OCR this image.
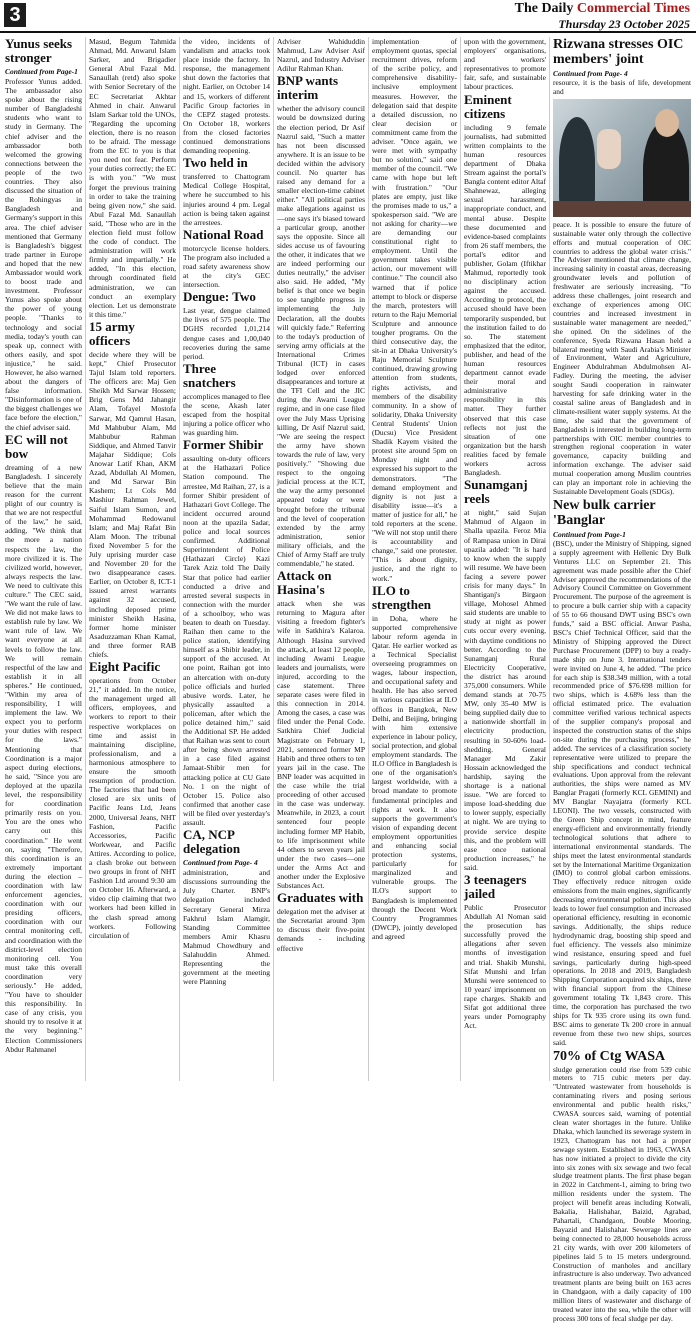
3	The Daily Commercial Times
Thursday 23 October 2025
Yunus seeks stronger
Continued from Page-1
Professor Yunus added. The ambassador also spoke about the rising number of Bangladeshi students who want to study in Germany. The chief adviser and the ambassador both welcomed the growing connections between the people of the two countries. They also discussed the situation of the Rohingyas in Bangladesh and Germany's support in this area. The chief adviser mentioned that Germany is Bangladesh's biggest trade partner in Europe and hoped that the new Ambassador would work to boost trade and investment. Professor Yunus also spoke about the power of young people. "Thanks to technology and social media, today's youth can speak up, connect with others easily, and spot injustice," he said. However, he also warned about the dangers of false information. "Disinformation is one of the biggest challenges we face before the election," the chief adviser said.
EC will not bow
dreaming of a new Bangladesh. I sincerely believe that the main reason for the current plight of our country is that we are not respectful of the law," he said, adding, "We think that the more a nation respects the law, the more civilized it is. The civilized world, however, always respects the law. We need to cultivate this culture." The CEC said, "We want the rule of law. We did not make laws to establish rule by law. We want rule of law. We want everyone at all levels to follow the law. We will remain respectful of the law and establish it in all spheres." He continued, "Within my area of responsibility, I will implement the law. We expect you to perform your duties with respect for the laws." Mentioning that Coordination is a major aspect during elections, he said, "Since you are deployed at the upazila level, the responsibility for coordination primarily rests on you. You are the ones who carry out this coordination." He went on, saying "Therefore, this coordination is an extremely important during the election – coordination with law enforcement agencies, coordination with our presiding officers, coordination with our central monitoring cell, and coordination with the district-level election monitoring cell. You must take this overall coordination very seriously." He added, "You have to shoulder this responsibility. In case of any crisis, you should try to resolve it at the very beginning." Election Commissioners Abdur Rahmanel
Masud, Begum Tahmida Ahmad, Md. Anwarul Islam Sarker, and Brigadier General Abul Fazal Md. Sanaullah (retd) also spoke with Senior Secretary of the EC Secretariat Akhtar Ahmed in chair. Anwarul Islam Sarkar told the UNOs, "Regarding the upcoming election, there is no reason to be afraid. The message from the EC to you is that you need not fear. Perform your duties correctly; the EC is with you." "We must forget the previous training in order to take the training being given now," she said. Abul Fazal Md. Sanaullah said, "Those who are in the election field must follow the code of conduct. The administration will work firmly and impartially." He added, "In this election, through coordinated field administration, we can conduct an exemplary election. Let us demonstrate it this time."
15 army officers
decide where they will be kept," Chief Prosecutor Tajul Islam told reporters. The officers are: Maj Gen Sheikh Md Sarwar Hossen; Brig Gens Md Jahangir Alam, Tofayel Mostofa Sarwar, Md Qamrul Hasan, Md Mahbubur Alam, Md Mahbubur Rahman Siddique, and Ahmed Tanvir Majahar Siddique; Cols Anowar Latif Khan, AKM Azad, Abdullah Al Momen, and Md Sarwar Bin Kashem; Lt Cols Md Mashiur Rahman Jewel, Saiful Islam Sumon, and Mohammad Redowanul Islam; and Maj Rafat Bin Alam Moon. The tribunal fixed November 5 for the July uprising murder case and November 20 for the two disappearance cases. Earlier, on October 8, ICT-1 issued arrest warrants against 32 accused, including deposed prime minister Sheikh Hasina, former home minister Asaduzzaman Khan Kamal, and three former RAB chiefs.
Eight Pacific
operations from October 21," it added. In the notice, the management urged all officers, employees, and workers to report to their respective workplaces on time and assist in maintaining discipline, professionalism, and a harmonious atmosphere to ensure the smooth resumption of production. The factories that had been closed are six units of Pacific Jeans Ltd, Jeans 2000, Universal Jeans, NHT Fashion, Pacific Accessories, Pacific Workwear, and Pacific Attires. According to police, a clash broke out between two groups in front of NHT Fashion Ltd around 9:30 am on October 16. Afterward, a video clip claiming that two workers had been killed in the clash spread among workers. Following circulation of
the video, incidents of vandalism and attacks took place inside the factory. In response, the management shut down the factories that night. Earlier, on October 14 and 15, workers of different Pacific Group factories in the CEPZ staged protests. On October 18, workers from the closed factories continued demonstrations demanding reopening.
Two held in
transferred to Chattogram Medical College Hospital, where he succumbed to his injuries around 4 pm. Legal action is being taken against the arrestees.
National Road
motorcycle license holders. The program also included a road safety awareness show at the city's GEC intersection.
Dengue: Two
Last year, dengue claimed the lives of 575 people. The DGHS recorded 1,01,214 dengue cases and 1,00,040 recoveries during the same period.
Three snatchers
accomplices managed to flee the scene, Akash later escaped from the hospital injuring a police officer who was guarding him.
Former Shibir
assaulting on-duty officers at the Hathazari Police Station compound. The arrestee, Md Raihan, 27, is a former Shibir president of Hathazari Govt College. The incident occurred around noon at the upazila Sadar, police and local sources confirmed. Additional Superintendent of Police (Hathazari Circle) Kazi Tarek Aziz told The Daily Star that police had earlier conducted a drive and arrested several suspects in connection with the murder of a schoolboy, who was beaten to death on Tuesday. Raihan then came to the police station, identifying himself as a Shibir leader, in support of the accused. At one point, Raihan got into an altercation with on-duty police officials and hurled abusive words. Later, he physically assaulted a policeman, after which the police detained him," said the Additional SP. He added that Raihan was sent to court after being shown arrested in a case filed against Jamaat-Shibir men for attacking police at CU Gate No. 1 on the night of October 15. Police also confirmed that another case will be filed over yesterday's assault.
CA, NCP delegation
Continued from Page- 4
administration, and discussions surrounding the July Charter. BNP's delegation included Secretary General Mirza Fakhrul Islam Alamgir, Standing Committee members Amir Khasru Mahmud Chowdhury and Salahuddin Ahmed. Representing the government at the meeting were Planning
Adviser Wahiduddin Mahmud, Law Adviser Asif Nazrul, and Industry Adviser Adilur Rahman Khan.
BNP wants interim
whether the advisory council would be downsized during the election period, Dr Asif Nazrul said, "Such a matter has not been discussed anywhere. It is an issue to be decided within the advisory council. No quarter has raised any demand for a smaller election-time cabinet either." "All political parties make allegations against us—one says it's biased toward a particular group, another says the opposite. Since all sides accuse us of favouring the other, it indicates that we are indeed performing our duties neutrally," the adviser also said. He added, "My belief is that once we begin to see tangible progress in implementing the July Declaration, all the doubts will quickly fade." Referring to the today's production of serving army officials at the International Crimes Tribunal (ICT) in cases lodged over enforced disappearances and torture at the TFI Cell and the JIC during the Awami League regime, and in one case filed over the July Mass Uprising killing, Dr Asif Nazrul said, "We are seeing the respect the army have shown towards the rule of law, very positively." "Showing due respect to the ongoing judicial process at the ICT, the way the army personnel appeared today or were brought before the tribunal and the level of cooperation extended by the army administration, senior military officials, and the Chief of Army Staff are truly commendable," he stated.
Attack on Hasina's
attack when she was returning to Magura after visiting a freedom fighter's wife in Satkhira's Kalaroa. Although Hasina survived the attack, at least 12 people, including Awami League leaders and journalists, were injured, according to the case statement. Three separate cases were filed in this connection in 2014. Among the cases, a case was filed under the Penal Code. Satkhira Chief Judicial Magistrate on February 1, 2021, sentenced former MP Habib and three others to ten years jail in the case. The BNP leader was acquitted in the case while the trial proceeding of other accused in the case was underway. Meanwhile, in 2023, a court sentenced four people including former MP Habib, to life imprisonment while 44 others to seven years jail under the two cases—one under the Arms Act and another under the Explosive Substances Act.
Graduates with
delegation met the adviser at the Secretariat around 3pm to discuss their five-point demands - including effective
implementation of employment quotas, special recruitment drives, reform of the scribe policy, and comprehensive disability-inclusive employment measures. However, the delegation said that despite a detailed discussion, no clear decision or commitment came from the adviser. "Once again, we were met with sympathy but no solution," said one member of the council. "We came with hope but left with frustration." "Our plates are empty, just like the promises made to us," a spokesperson said. "We are not asking for charity—we are demanding our constitutional right to employment. Until the government takes visible action, our movement will continue." The council also warned that if police attempt to block or disperse the march, protesters will return to the Raju Memorial Sculpture and announce tougher programs. On the third consecutive day, the sit-in at Dhaka University's Raju Memorial Sculpture continued, drawing growing attention from students, rights activists, and members of the disability community. In a show of solidarity, Dhaka University Central Students' Union (Ducsu) Vice President Shadik Kayem visited the protest site around 5pm on Monday night and expressed his support to the demonstrators. "The demand employment and dignity is not just a disability issue—it's a matter of justice for all," he told reporters at the scene. "We will not stop until there is accountability and change," said one protester. "This is about dignity, justice, and the right to work."
ILO to strengthen
in Doha, where he supported comprehensive labour reform agenda in Qatar. He earlier worked as a Technical Specialist overseeing programmes on wages, labour inspection, and occupational safety and health. He has also served in various capacities at ILO offices in Bangkok, New Delhi, and Beijing, bringing with him extensive experience in labour policy, social protection, and global employment standards. The ILO Office in Bangladesh is one of the organisation's largest worldwide, with a broad mandate to promote fundamental principles and rights at work. It also supports the government's vision of expanding decent employment opportunities and enhancing social protection systems, particularly for marginalized and vulnerable groups. The ILO's support to Bangladesh is implemented through the Decent Work Country Programmes (DWCP), jointly developed and agreed
upon with the government, employers' organisations, and workers' representatives to promote fair, safe, and sustainable labour practices.
Eminent citizens
including 9 female journalists, had submitted written complaints to the human resources department of Dhaka Stream against the portal's Bangla content editor Altaf Shahnewaz, alleging sexual harassment, inappropriate conduct, and mental abuse. Despite these documented and evidence-based complaints from 26 staff members, the portal's editor and publisher, Golam (Iftikhar Mahmud, reportedly took no disciplinary action against the accused. According to protocol, the accused should have been temporarily suspended, but the institution failed to do so. The statement emphasized that the editor, publisher, and head of the human resources department cannot evade their moral and administrative responsibility in this matter. They further observed that this case reflects not just the situation of one organization but the harsh realities faced by female workers across Bangladesh.
Sunamganj reels
at night," said Sujan Mahmud of Algaon in Shalla upazila. Feroz Mia of Rampasa union in Dirai upazila added: "It is hard to know when the supply will resume. We have been facing a severe power crisis for many days." In Shantiganj's Birgaon village, Mohosel Ahmed said students are unable to study at night as power cuts occur every evening, with daytime conditions no better. According to the Sunamganj Rural Electricity Cooperative, the district has around 375,000 consumers. While demand stands at 70-75 MW, only 35-40 MW is being supplied daily due to a nationwide shortfall in electricity production, resulting in 50-60% load-shedding. General Manager Md Zakir Hossain acknowledged the hardship, saying the shortage is a national issue. "We are forced to impose load-shedding due to lower supply, especially at night. We are trying to provide service despite this, and the problem will ease once national production increases," he said.
3 teenagers jailed
Public Prosecutor Abdullah Al Noman said the prosecution has successfully proved the allegations after seven months of investigation and trial. Shakib Munshi, Sifat Munshi and Irfan Munshi were sentenced to 10 years' imprisonment on rape charges. Shakib and Sifat got additional three years under Pornography Act.
Rizwana stresses OIC members' joint
Continued from Page- 4
resource, it is the basis of life, development and
peace. It is possible to ensure the future of sustainable water only through the collective efforts and mutual cooperation of OIC countries to address the global water crisis." The Adviser mentioned that climate change, increasing salinity in coastal areas, decreasing groundwater levels and pollution of freshwater are seriously increasing. "To address these challenges, joint research and exchange of experiences among OIC countries and increased investment in sustainable water management are needed," she opined. On the sidelines of the conference, Syeda Rizwana Hasan held a bilateral meeting with Saudi Arabia's Minister of Environment, Water and Agriculture, Engineer Abdulrahman Abdulmohsen Al-Fadley. During the meeting, the adviser sought Saudi cooperation in rainwater harvesting for safe drinking water in the coastal saline areas of Bangladesh and in climate-resilient water supply systems. At the time, she said that the government of Bangladesh is interested in building long-term partnerships with OIC member countries to strengthen regional cooperation in water governance, capacity building and information exchange. The adviser said mutual cooperation among Muslim countries can play an important role in achieving the Sustainable Development Goals (SDGs).
New bulk carrier 'Banglar
Continued from Page-1
(BSC), under the Ministry of Shipping, signed a supply agreement with Hellenic Dry Bulk Ventures LLC on September 21. This agreement was made possible after the Chief Adviser approved the recommendations of the Advisory Council Committee on Government Procurement. The purpose of the agreement is to procure a bulk carrier ship with a capacity of 55 to 66 thousand DWT using BSC's own funds," said a BSC official. Anwar Pasha, BSC's Chief Technical Officer, said that the Ministry of Shipping approved the Direct Purchase Procurement (DPP) to buy a ready-made ship on June 3. International tenders were invited on June 4, he added. "The price for each ship is $38.349 million, with a total recommended price of $76.698 million for two ships, which is 4.68% less than the official estimated price. The evaluation committee verified various technical aspects of the supplier company's proposal and inspected the construction status of the ships on-site during the purchasing process," he added. The services of a classification society representative were utilized to prepare the ship specifications and conduct technical evaluations. Upon approval from the relevant authorities, the ships were named as MV Banglar Pragati (formerly KCL GEMINI) and MV Banglar Nayajatra (formerly KCL LEONI). The two vessels, constructed with the Green Ship concept in mind, feature energy-efficient and environmentally friendly technological solutions that adhere to international environmental standards. The ships meet the latest environmental standards set by the International Maritime Organization (IMO) to control global carbon emissions. They effectively reduce nitrogen oxide emissions from the main engines, significantly decreasing environmental pollution. This also leads to lower fuel consumption and increased operational efficiency, resulting in economic savings. Additionally, the ships reduce hydrodynamic drag, boosting ship speed and fuel efficiency. The vessels also minimize wind resistance, ensuring speed and fuel savings, particularly during high-speed operations. In 2018 and 2019, Bangladesh Shipping Corporation acquired six ships, three with financial support from the Chinese government totaling Tk 1,843 crore. This time, the corporation has purchased the two ships for Tk 935 crore using its own fund. BSC aims to generate Tk 200 crore in annual revenue from these two new ships, sources said.
70% of Ctg WASA
sludge generation could rise from 539 cubic meters to 715 cubic meters per day. "Untreated wastewater from households is contaminating rivers and posing serious environmental and public health risks," CWASA sources said, warning of potential clean water shortages in the future. Unlike Dhaka, which launched its sewerage system in 1923, Chattogram has not had a proper sewage system. Established in 1963, CWASA has now initiated a project to divide the city into six zones with six sewage and two fecal sludge treatment plants. The first phase began in 2022 in Catchment-1, aiming to bring two million residents under the system. The project will benefit areas including Kotwali, Bakalia, Halishahar, Baizid, Agrabad, Pahartali, Chandgaon, Double Mooring, Bayazid and Halishahar. Sewerage lines are being connected to 28,000 households across 21 city wards, with over 200 kilometers of pipelines laid 5 to 15 meters underground. Construction of manholes and ancillary infrastructure is also underway. Two advanced treatment plants are being built on 163 acres in Chandgaon, with a daily capacity of 100 million liters of wastewater and discharge of treated water into the sea, while the other will process 300 tons of fecal sludge per day.
